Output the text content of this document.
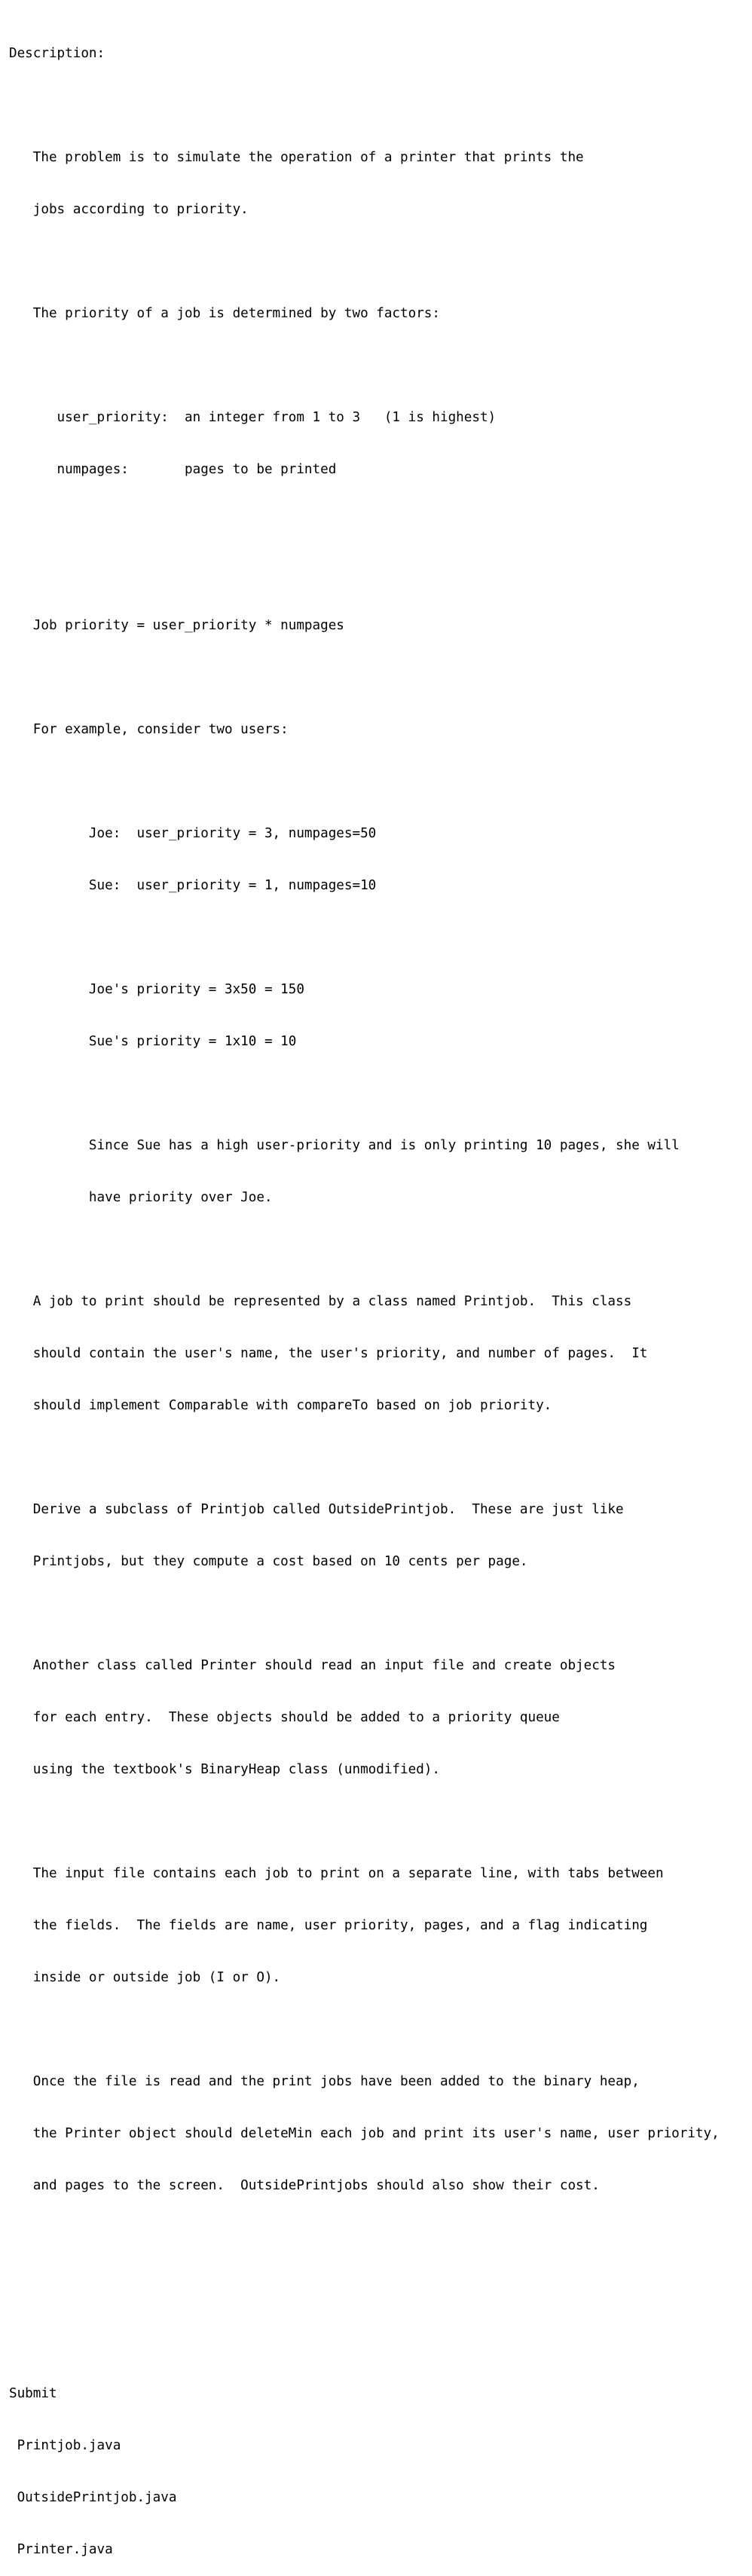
Description:

The problem is to simulate the operation of a printer that prints the

jobs according to priority.

The priority of a job is determined by two factors:

user_priority:  an integer from 1 to 3   (1 is highest)

numpages:       pages to be printed

Job priority = user_priority * numpages

For example, consider two users:

Joe:  user_priority = 3, numpages=50

Sue:  user_priority = 1, numpages=10

Joe's priority = 3x50 = 150

Sue's priority = 1x10 = 10

Since Sue has a high user-priority and is only printing 10 pages, she will

have priority over Joe.

A job to print should be represented by a class named Printjob.  This class

should contain the user's name, the user's priority, and number of pages.  It

should implement Comparable with compareTo based on job priority.

Derive a subclass of Printjob called OutsidePrintjob.  These are just like

Printjobs, but they compute a cost based on 10 cents per page.

Another class called Printer should read an input file and create objects

for each entry.  These objects should be added to a priority queue

using the textbook's BinaryHeap class (unmodified).

The input file contains each job to print on a separate line, with tabs between

the fields.  The fields are name, user priority, pages, and a flag indicating

inside or outside job (I or O).

Once the file is read and the print jobs have been added to the binary heap,

the Printer object should deleteMin each job and print its user's name, user priority,

and pages to the screen.  OutsidePrintjobs should also show their cost.

Submit

Printjob.java

OutsidePrintjob.java

Printer.java
